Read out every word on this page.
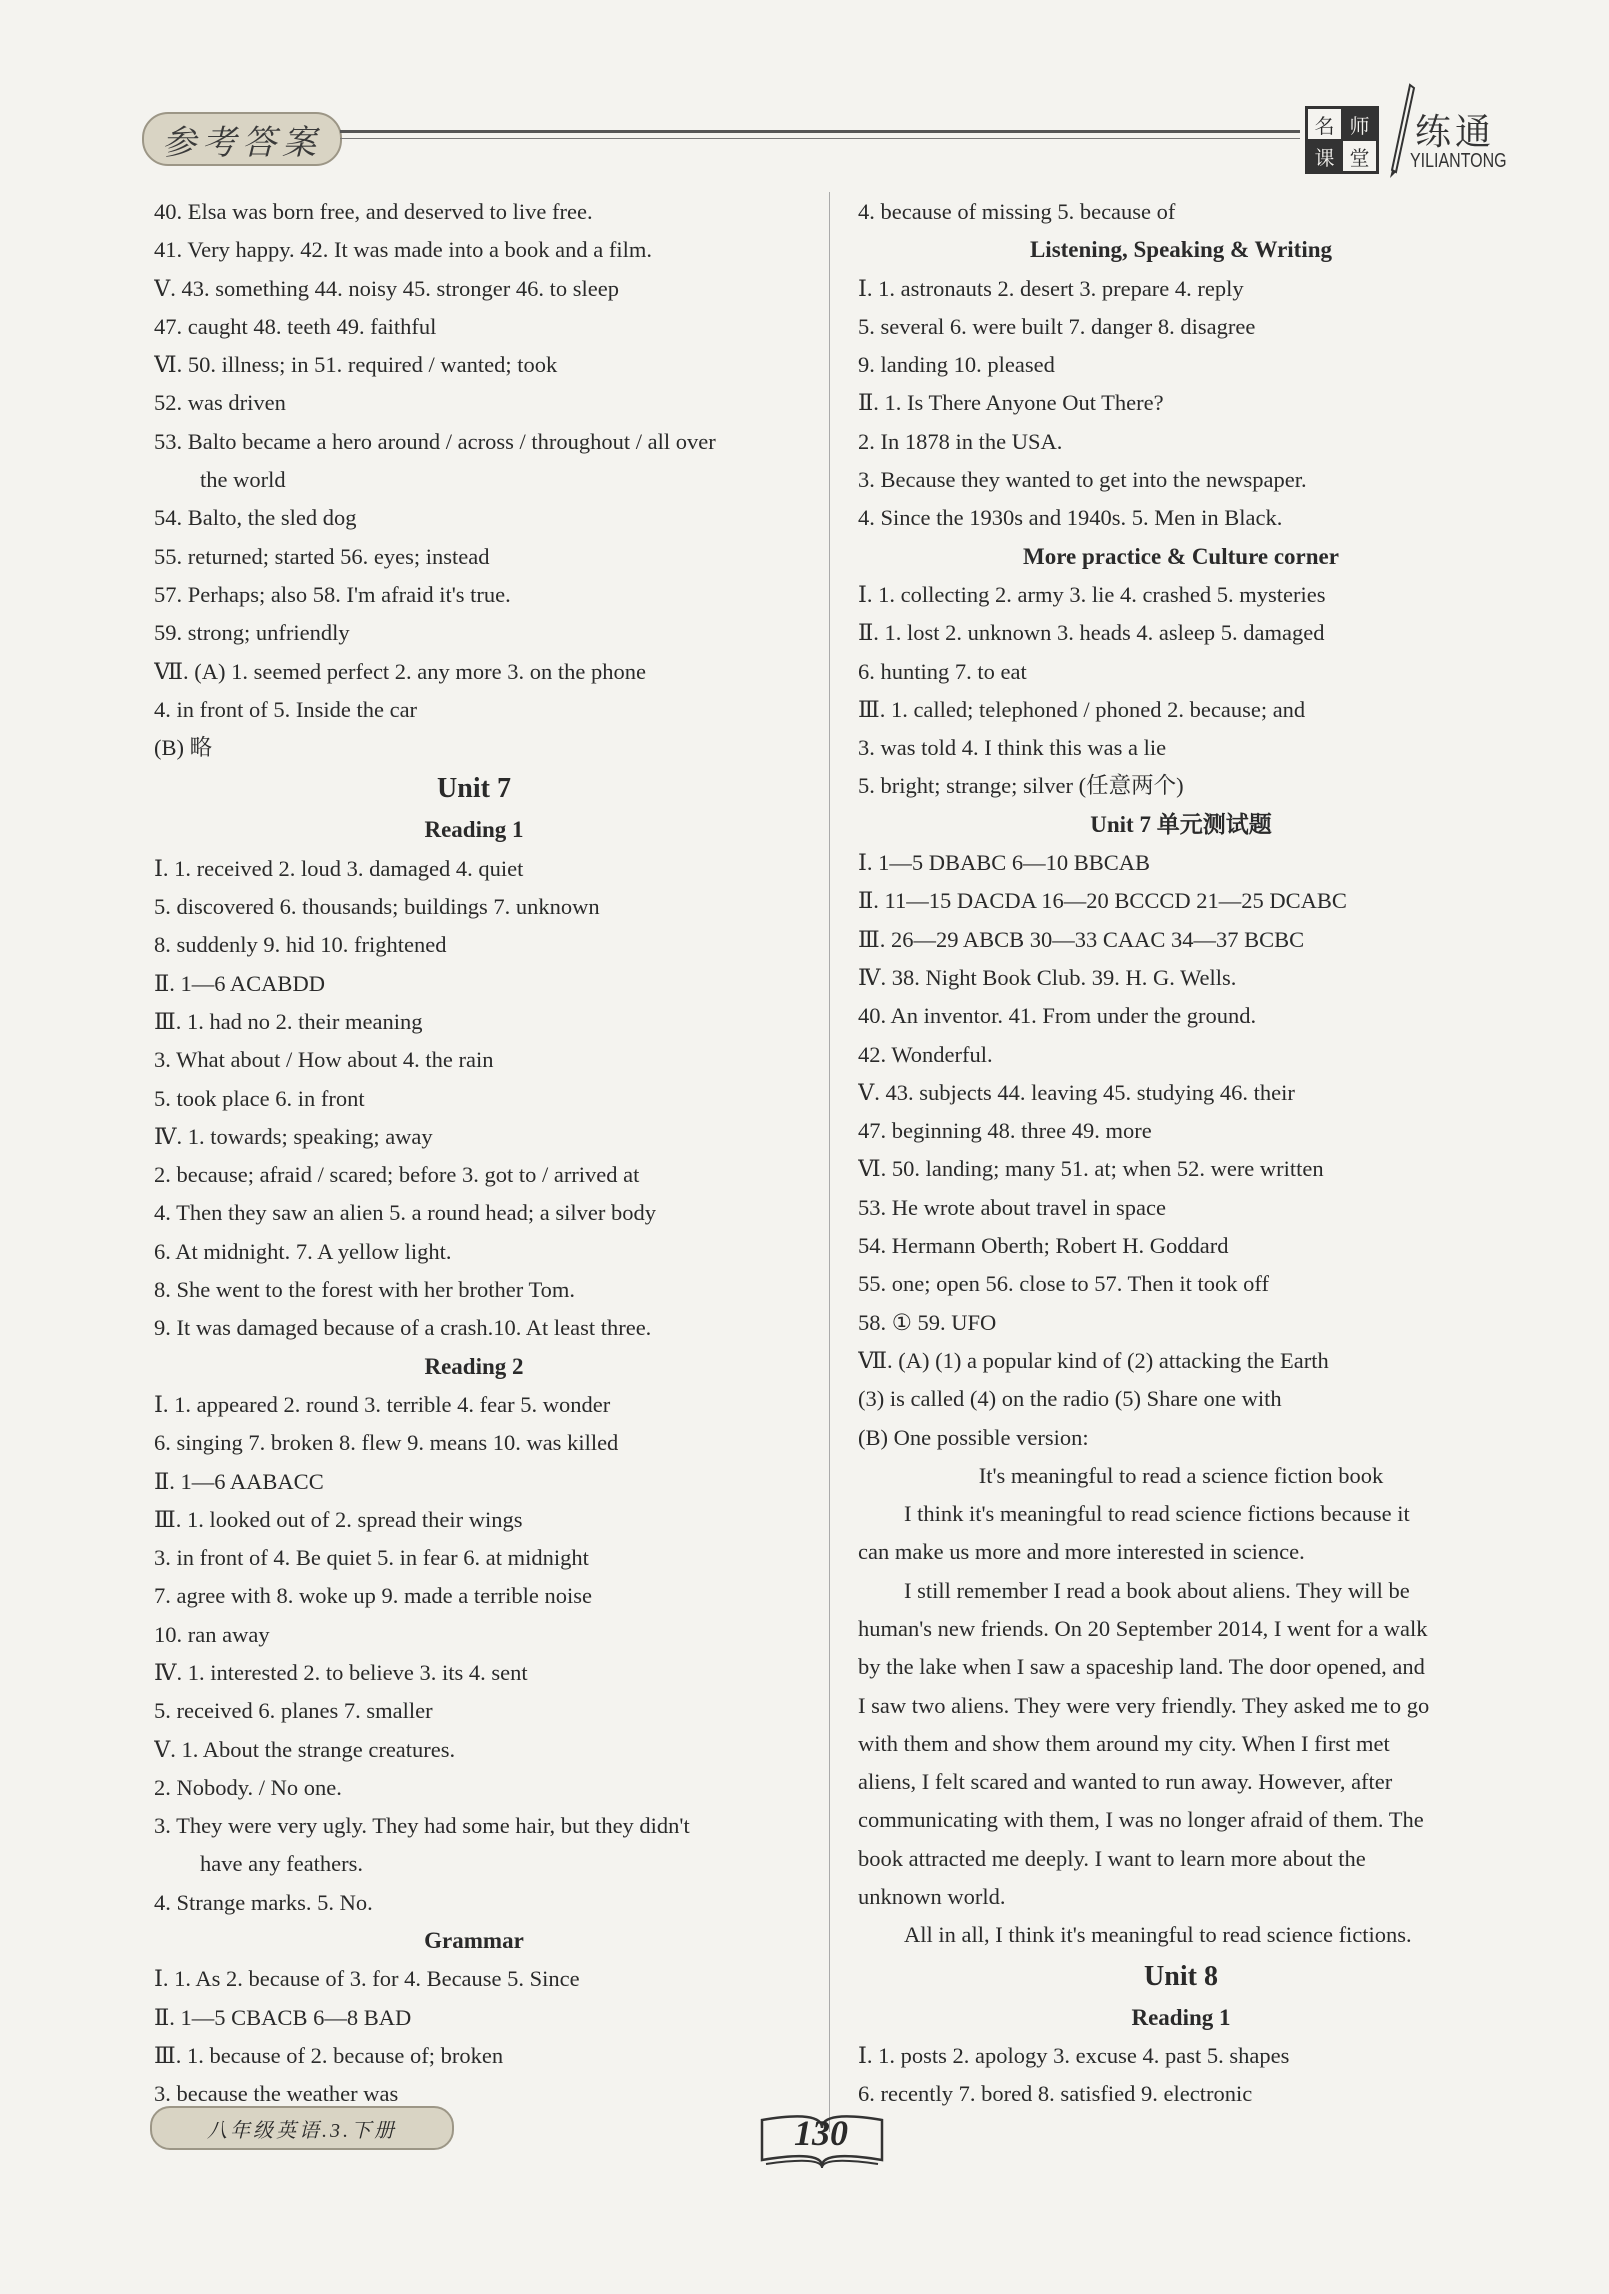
参考答案	名 师
课 堂
练通
YILIANTONG
40. Elsa was born free, and deserved to live free.
41. Very happy. 42. It was made into a book and a film.
Ⅴ. 43. something 44. noisy 45. stronger 46. to sleep
47. caught 48. teeth 49. faithful
Ⅵ. 50. illness; in 51. required / wanted; took
52. was driven
53. Balto became a hero around / across / throughout / all over
the world
54. Balto, the sled dog
55. returned; started 56. eyes; instead
57. Perhaps; also 58. I'm afraid it's true.
59. strong; unfriendly
Ⅶ. (A) 1. seemed perfect 2. any more 3. on the phone
4. in front of 5. Inside the car
(B) 略
Unit 7
Reading 1
Ⅰ. 1. received 2. loud 3. damaged 4. quiet
5. discovered 6. thousands; buildings 7. unknown
8. suddenly 9. hid 10. frightened
Ⅱ. 1—6 ACABDD
Ⅲ. 1. had no 2. their meaning
3. What about / How about 4. the rain
5. took place 6. in front
Ⅳ. 1. towards; speaking; away
2. because; afraid / scared; before 3. got to / arrived at
4. Then they saw an alien 5. a round head; a silver body
6. At midnight. 7. A yellow light.
8. She went to the forest with her brother Tom.
9. It was damaged because of a crash.10. At least three.
Reading 2
Ⅰ. 1. appeared 2. round 3. terrible 4. fear 5. wonder
6. singing 7. broken 8. flew 9. means 10. was killed
Ⅱ. 1—6 AABACC
Ⅲ. 1. looked out of 2. spread their wings
3. in front of 4. Be quiet 5. in fear 6. at midnight
7. agree with 8. woke up 9. made a terrible noise
10. ran away
Ⅳ. 1. interested 2. to believe 3. its 4. sent
5. received 6. planes 7. smaller
Ⅴ. 1. About the strange creatures.
2. Nobody. / No one.
3. They were very ugly. They had some hair, but they didn't
have any feathers.
4. Strange marks. 5. No.
Grammar
Ⅰ. 1. As 2. because of 3. for 4. Because 5. Since
Ⅱ. 1—5 CBACB 6—8 BAD
Ⅲ. 1. because of 2. because of; broken
3. because the weather was
4. because of missing 5. because of
Listening, Speaking & Writing
Ⅰ. 1. astronauts 2. desert 3. prepare 4. reply
5. several 6. were built 7. danger 8. disagree
9. landing 10. pleased
Ⅱ. 1. Is There Anyone Out There?
2. In 1878 in the USA.
3. Because they wanted to get into the newspaper.
4. Since the 1930s and 1940s. 5. Men in Black.
More practice & Culture corner
Ⅰ. 1. collecting 2. army 3. lie 4. crashed 5. mysteries
Ⅱ. 1. lost 2. unknown 3. heads 4. asleep 5. damaged
6. hunting 7. to eat
Ⅲ. 1. called; telephoned / phoned 2. because; and
3. was told 4. I think this was a lie
5. bright; strange; silver (任意两个)
Unit 7 单元测试题
Ⅰ. 1—5 DBABC 6—10 BBCAB
Ⅱ. 11—15 DACDA 16—20 BCCCD 21—25 DCABC
Ⅲ. 26—29 ABCB 30—33 CAAC 34—37 BCBC
Ⅳ. 38. Night Book Club. 39. H. G. Wells.
40. An inventor. 41. From under the ground.
42. Wonderful.
Ⅴ. 43. subjects 44. leaving 45. studying 46. their
47. beginning 48. three 49. more
Ⅵ. 50. landing; many 51. at; when 52. were written
53. He wrote about travel in space
54. Hermann Oberth; Robert H. Goddard
55. one; open 56. close to 57. Then it took off
58. ① 59. UFO
Ⅶ. (A) (1) a popular kind of (2) attacking the Earth
(3) is called (4) on the radio (5) Share one with
(B) One possible version:
It's meaningful to read a science fiction book
I think it's meaningful to read science fictions because it
can make us more and more interested in science.
I still remember I read a book about aliens. They will be
human's new friends. On 20 September 2014, I went for a walk
by the lake when I saw a spaceship land. The door opened, and
I saw two aliens. They were very friendly. They asked me to go
with them and show them around my city. When I first met
aliens, I felt scared and wanted to run away. However, after
communicating with them, I was no longer afraid of them. The
book attracted me deeply. I want to learn more about the
unknown world.
All in all, I think it's meaningful to read science fictions.
Unit 8
Reading 1
Ⅰ. 1. posts 2. apology 3. excuse 4. past 5. shapes
6. recently 7. bored 8. satisfied 9. electronic
八年级英语.3.下册	130
